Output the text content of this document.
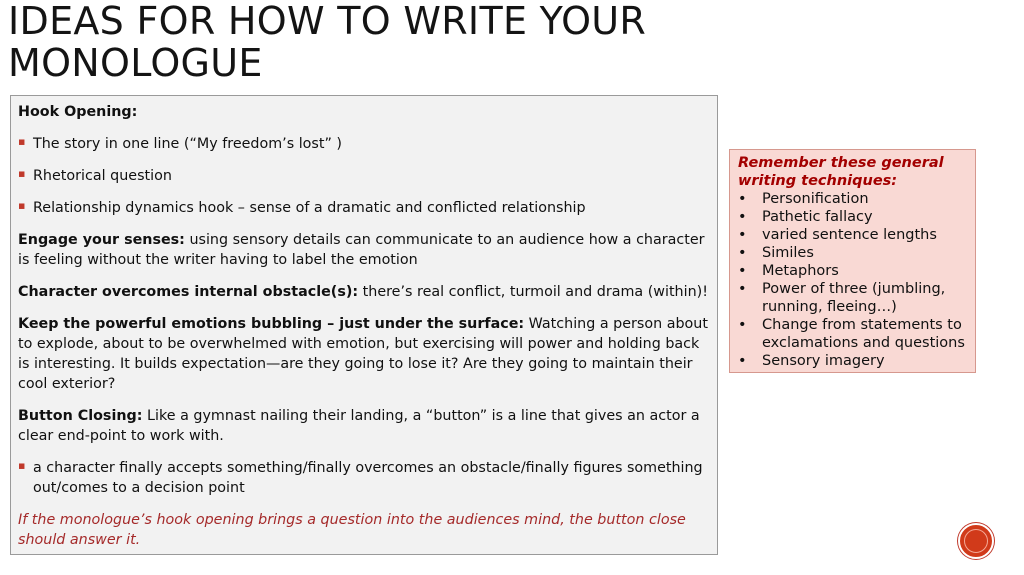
IDEAS FOR HOW TO WRITE YOUR MONOLOGUE

Hook Opening:

▪ The story in one line (“My freedom’s lost” )
▪ Rhetorical question
▪ Relationship dynamics hook – sense of a dramatic and conflicted relationship

Engage your senses: using sensory details can communicate to an audience how a character is feeling without the writer having to label the emotion

Character overcomes internal obstacle(s): there’s real conflict, turmoil and drama (within)!

Keep the powerful emotions bubbling – just under the surface: Watching a person about to explode, about to be overwhelmed with emotion, but exercising will power and holding back is interesting. It builds expectation—are they going to lose it? Are they going to maintain their cool exterior?

Button Closing: Like a gymnast nailing their landing, a “button” is a line that gives an actor a clear end-point to work with.

▪ a character finally accepts something/finally overcomes an obstacle/finally figures something out/comes to a decision point

If the monologue’s hook opening brings a question into the audiences mind, the button close should answer it.

Remember these general writing techniques:

•	Personification
•	Pathetic fallacy
•	varied sentence lengths
•	Similes
•	Metaphors
•	Power of three (jumbling, running, fleeing…)
•	Change from statements to exclamations and questions
•	Sensory imagery
